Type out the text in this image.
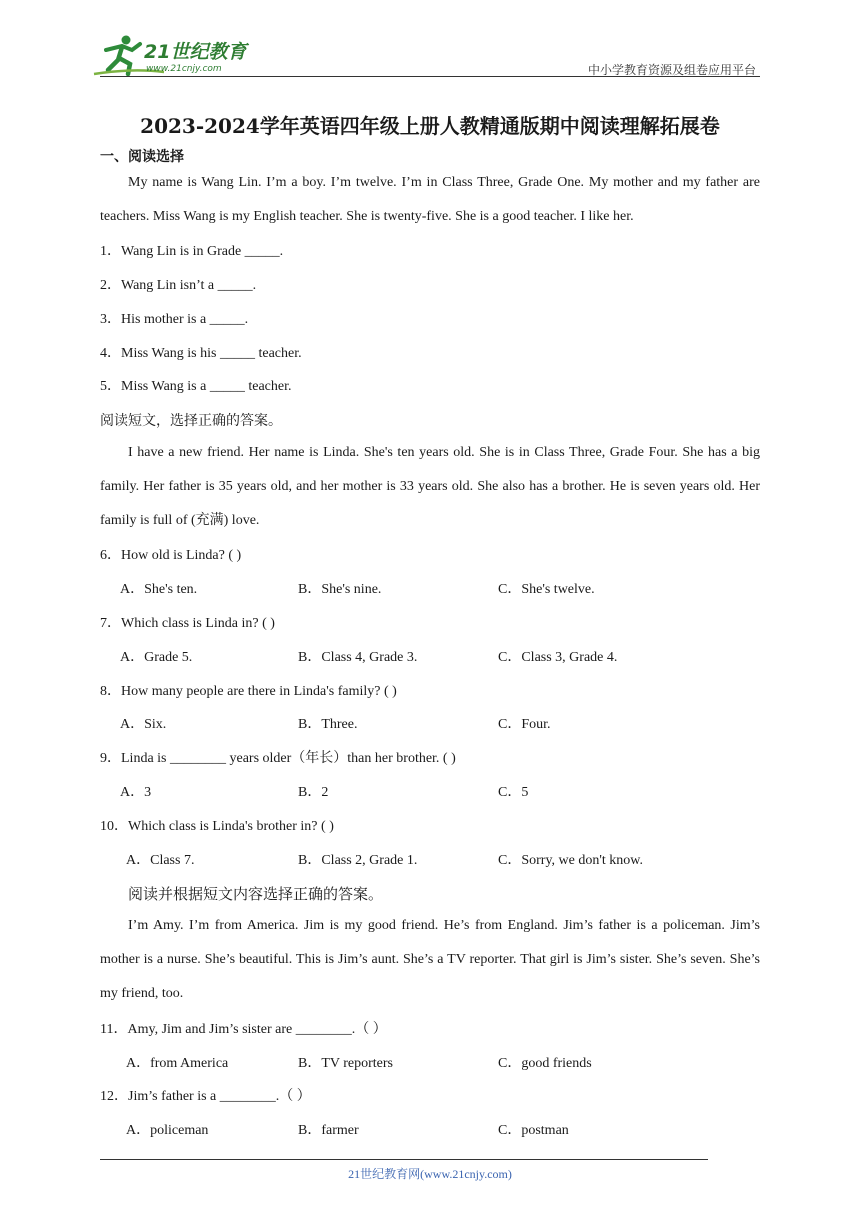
21世纪教育
www.21cnjy.com	中小学教育资源及组卷应用平台
2023-2024学年英语四年级上册人教精通版期中阅读理解拓展卷
一、阅读选择
My name is Wang Lin. I’m a boy. I’m twelve. I’m in Class Three, Grade One. My mother and my father are teachers. Miss Wang is my English teacher. She is twenty-five. She is a good teacher. I like her.
1．Wang Lin is in Grade _____.
2．Wang Lin isn’t a _____.
3．His mother is a _____.
4．Miss Wang is his _____ teacher.
5．Miss Wang is a _____ teacher.
阅读短文，选择正确的答案。
I have a new friend. Her name is Linda. She's ten years old. She is in Class Three, Grade Four. She has a big family. Her father is 35 years old, and her mother is 33 years old. She also has a brother. He is seven years old. Her family is full of (充满) love.
6．How old is Linda? ( )
A．She's ten.	B．She's nine.	C．She's twelve.
7．Which class is Linda in? ( )
A．Grade 5.	B．Class 4, Grade 3.	C．Class 3, Grade 4.
8．How many people are there in Linda's family? ( )
A．Six.	B．Three.	C．Four.
9．Linda is ________ years older（年长）than her brother. ( )
A．3	B．2	C．5
10．Which class is Linda's brother in? ( )
A．Class 7.	B．Class 2, Grade 1.	C．Sorry, we don't know.
阅读并根据短文内容选择正确的答案。
I’m Amy. I’m from America. Jim is my good friend. He’s from England. Jim’s father is a policeman. Jim’s mother is a nurse. She’s beautiful. This is Jim’s aunt. She’s a TV reporter. That girl is Jim’s sister. She’s seven. She’s my friend, too.
11．Amy, Jim and Jim’s sister are ________.（ ）
A．from America	B．TV reporters	C．good friends
12．Jim’s father is a ________.（ ）
A．policeman	B．farmer	C．postman
21世纪教育网(www.21cnjy.com)
